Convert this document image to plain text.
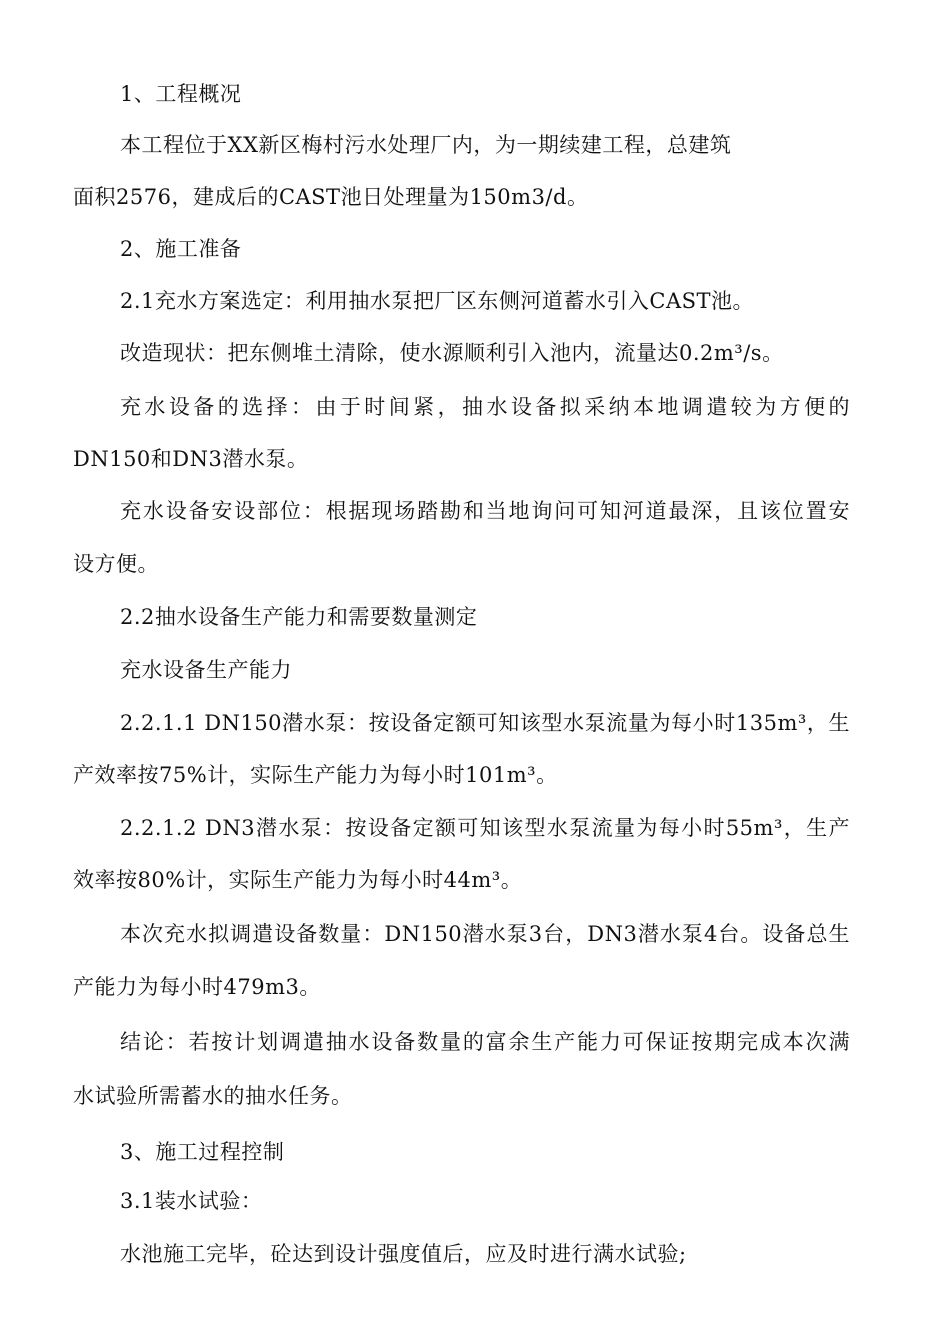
1、工程概况

本工程位于XX新区梅村污水处理厂内，为一期续建工程，总建筑

面积2576，建成后的CAST池日处理量为150m3/d。

2、施工准备

2.1充水方案选定：利用抽水泵把厂区东侧河道蓄水引入CAST池。

改造现状：把东侧堆土清除，使水源顺利引入池内，流量达0.2m³/s。

充水设备的选择：由于时间紧，抽水设备拟采纳本地调遣较为方便的

DN150和DN3潜水泵。

充水设备安设部位：根据现场踏勘和当地询问可知河道最深，且该位置安

设方便。

2.2抽水设备生产能力和需要数量测定

充水设备生产能力

2.2.1.1 DN150潜水泵：按设备定额可知该型水泵流量为每小时135m³，生

产效率按75%计，实际生产能力为每小时101m³。

2.2.1.2 DN3潜水泵：按设备定额可知该型水泵流量为每小时55m³，生产

效率按80%计，实际生产能力为每小时44m³。

本次充水拟调遣设备数量：DN150潜水泵3台，DN3潜水泵4台。设备总生

产能力为每小时479m3。

结论：若按计划调遣抽水设备数量的富余生产能力可保证按期完成本次满

水试验所需蓄水的抽水任务。

3、施工过程控制

3.1装水试验：

水池施工完毕，砼达到设计强度值后，应及时进行满水试验;
